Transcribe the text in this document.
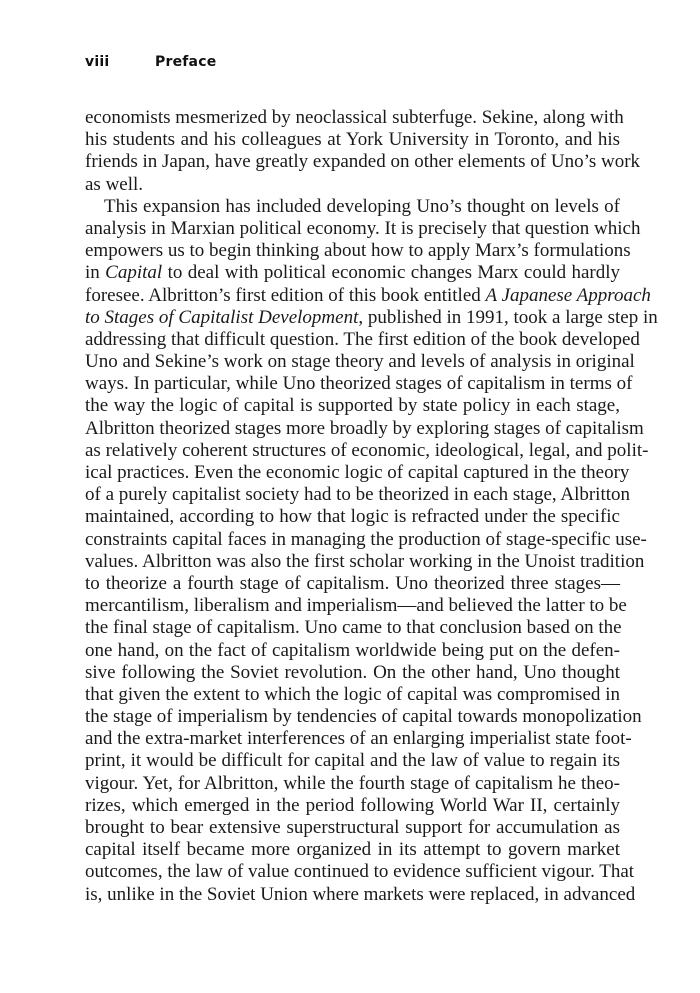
viii	Preface
economists mesmerized by neoclassical subterfuge. Sekine, along with
his students and his colleagues at York University in Toronto, and his
friends in Japan, have greatly expanded on other elements of Uno’s work
as well.
This expansion has included developing Uno’s thought on levels of
analysis in Marxian political economy. It is precisely that question which
empowers us to begin thinking about how to apply Marx’s formulations
in Capital to deal with political economic changes Marx could hardly
foresee. Albritton’s first edition of this book entitled A Japanese Approach
to Stages of Capitalist Development, published in 1991, took a large step in
addressing that difficult question. The first edition of the book developed
Uno and Sekine’s work on stage theory and levels of analysis in original
ways. In particular, while Uno theorized stages of capitalism in terms of
the way the logic of capital is supported by state policy in each stage,
Albritton theorized stages more broadly by exploring stages of capitalism
as relatively coherent structures of economic, ideological, legal, and polit-
ical practices. Even the economic logic of capital captured in the theory
of a purely capitalist society had to be theorized in each stage, Albritton
maintained, according to how that logic is refracted under the specific
constraints capital faces in managing the production of stage-specific use-
values. Albritton was also the first scholar working in the Unoist tradition
to theorize a fourth stage of capitalism. Uno theorized three stages—
mercantilism, liberalism and imperialism—and believed the latter to be
the final stage of capitalism. Uno came to that conclusion based on the
one hand, on the fact of capitalism worldwide being put on the defen-
sive following the Soviet revolution. On the other hand, Uno thought
that given the extent to which the logic of capital was compromised in
the stage of imperialism by tendencies of capital towards monopolization
and the extra-market interferences of an enlarging imperialist state foot-
print, it would be difficult for capital and the law of value to regain its
vigour. Yet, for Albritton, while the fourth stage of capitalism he theo-
rizes, which emerged in the period following World War II, certainly
brought to bear extensive superstructural support for accumulation as
capital itself became more organized in its attempt to govern market
outcomes, the law of value continued to evidence sufficient vigour. That
is, unlike in the Soviet Union where markets were replaced, in advanced
